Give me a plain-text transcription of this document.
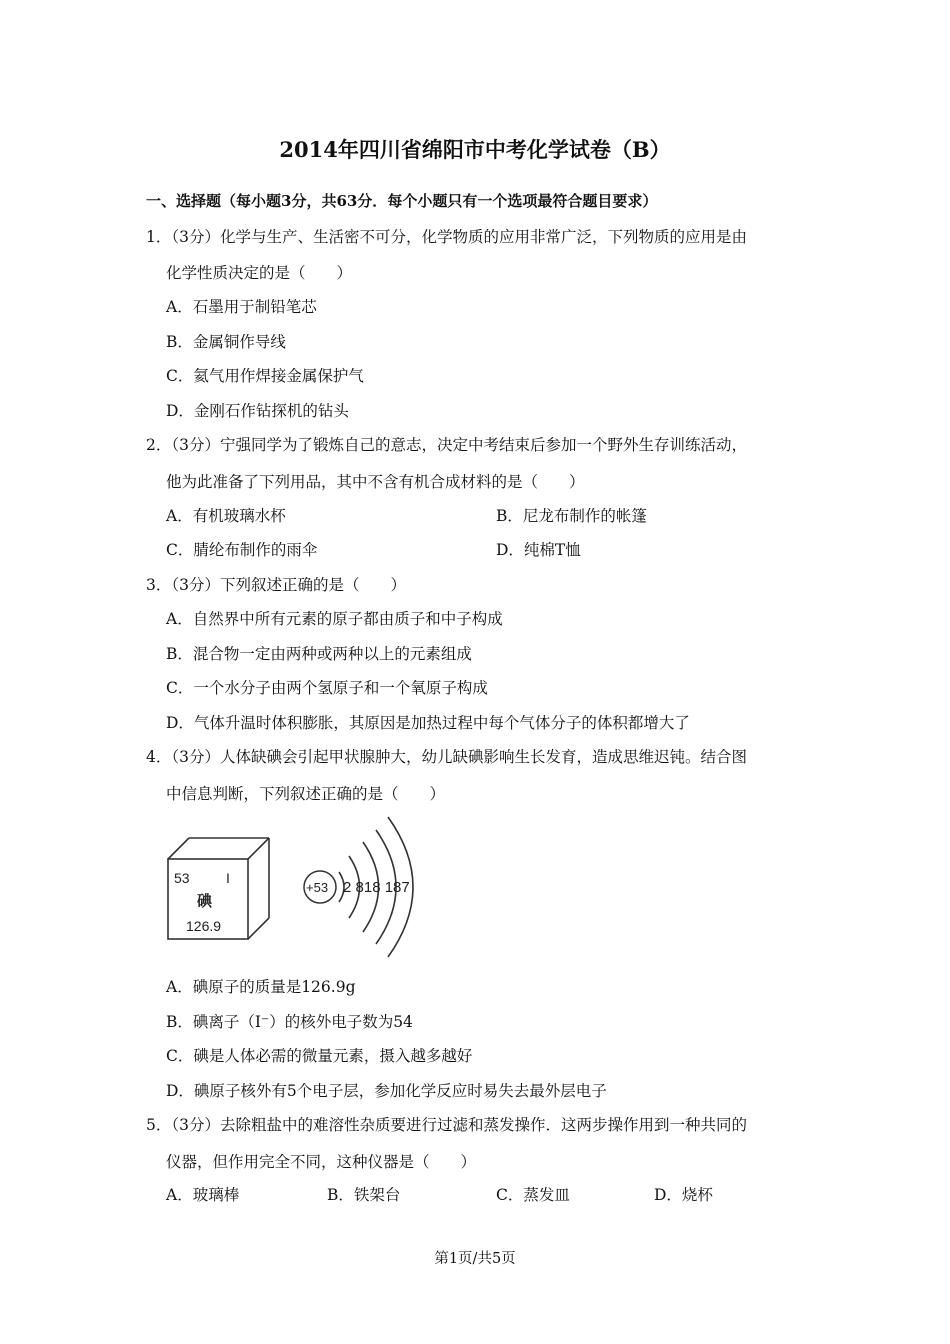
2014年四川省绵阳市中考化学试卷（B）
一、选择题（每小题3分，共63分．每个小题只有一个选项最符合题目要求）
1．（3分）化学与生产、生活密不可分，化学物质的应用非常广泛，下列物质的应用是由
化学性质决定的是（　　）
A．石墨用于制铅笔芯
B．金属铜作导线
C．氦气用作焊接金属保护气
D．金刚石作钻探机的钻头
2．（3分）宁强同学为了锻炼自己的意志，决定中考结束后参加一个野外生存训练活动，
他为此准备了下列用品，其中不含有机合成材料的是（　　）
A．有机玻璃水杯	B．尼龙布制作的帐篷
C．腈纶布制作的雨伞	D．纯棉T恤
3．（3分）下列叙述正确的是（　　）
A．自然界中所有元素的原子都由质子和中子构成
B．混合物一定由两种或两种以上的元素组成
C．一个水分子由两个氢原子和一个氧原子构成
D．气体升温时体积膨胀，其原因是加热过程中每个气体分子的体积都增大了
4．（3分）人体缺碘会引起甲状腺肿大，幼儿缺碘影响生长发育，造成思维迟钝。结合图
中信息判断，下列叙述正确的是（　　）
53	I
碘
126.9
+53 2 818 187
A．碘原子的质量是126.9g
B．碘离子（I⁻）的核外电子数为54
C．碘是人体必需的微量元素，摄入越多越好
D．碘原子核外有5个电子层，参加化学反应时易失去最外层电子
5．（3分）去除粗盐中的难溶性杂质要进行过滤和蒸发操作．这两步操作用到一种共同的
仪器，但作用完全不同，这种仪器是（　　）
A．玻璃棒	B．铁架台	C．蒸发皿	D．烧杯
第1页/共5页
